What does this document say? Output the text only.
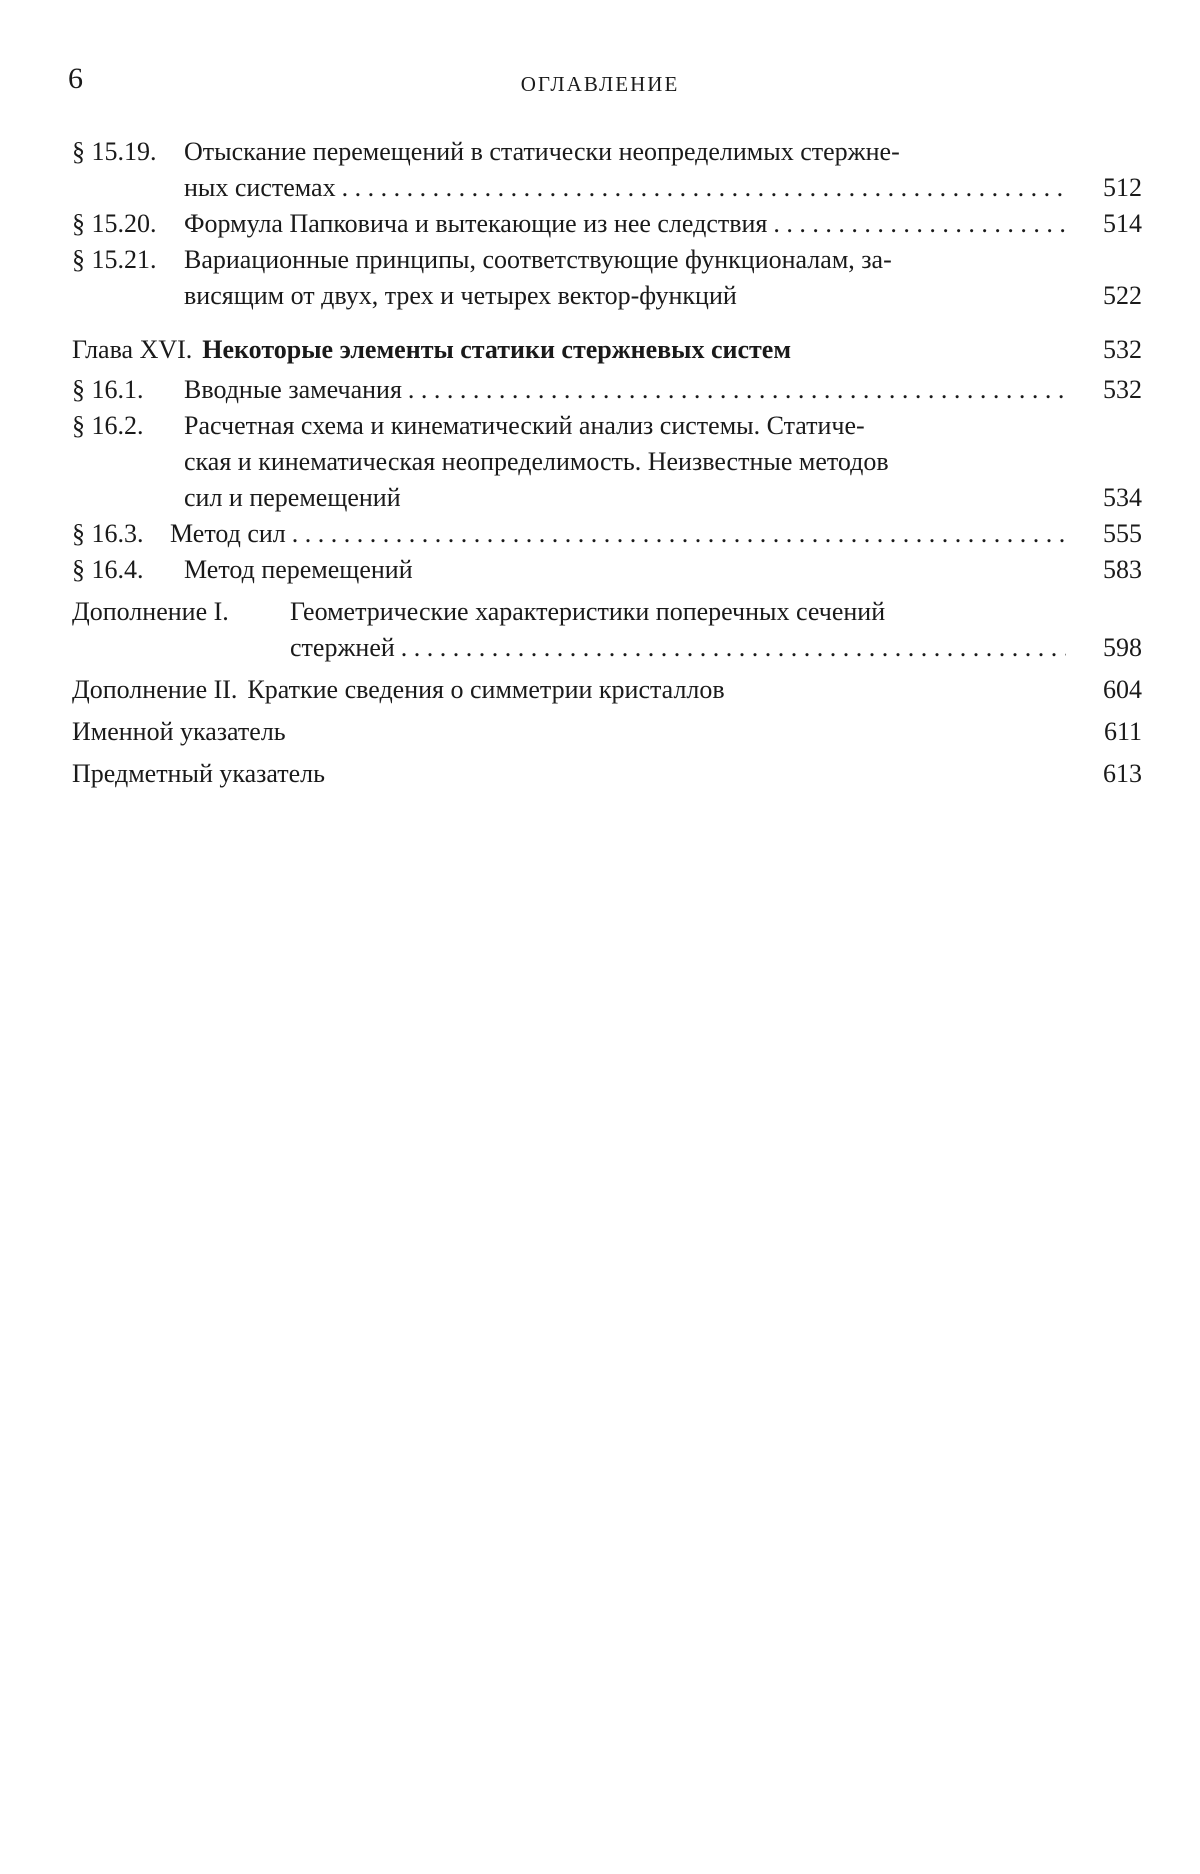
6	ОГЛАВЛЕНИЕ
§ 15.19.	Отыскание перемещений в статически неопределимых стержне-
ных системах . . .	512
§ 15.20.	Формула Папковича и вытекающие из нее следствия . . .	514
§ 15.21.	Вариационные принципы, соответствующие функционалам, за-
висящим от двух, трех и четырех вектор-функций	522
Глава XVI. Некоторые элементы статики стержневых систем	532
§ 16.1.	Вводные замечания . . .	532
§ 16.2.	Расчетная схема и кинематический анализ системы. Статиче-
ская и кинематическая неопределимость. Неизвестные методов
сил и перемещений	534
§ 16.3.	Метод сил . . .	555
§ 16.4.	Метод перемещений	583
Дополнение I.	Геометрические характеристики поперечных сечений
стержней . . .	598
Дополнение II. Краткие сведения о симметрии кристаллов	604
Именной указатель	611
Предметный указатель	613
